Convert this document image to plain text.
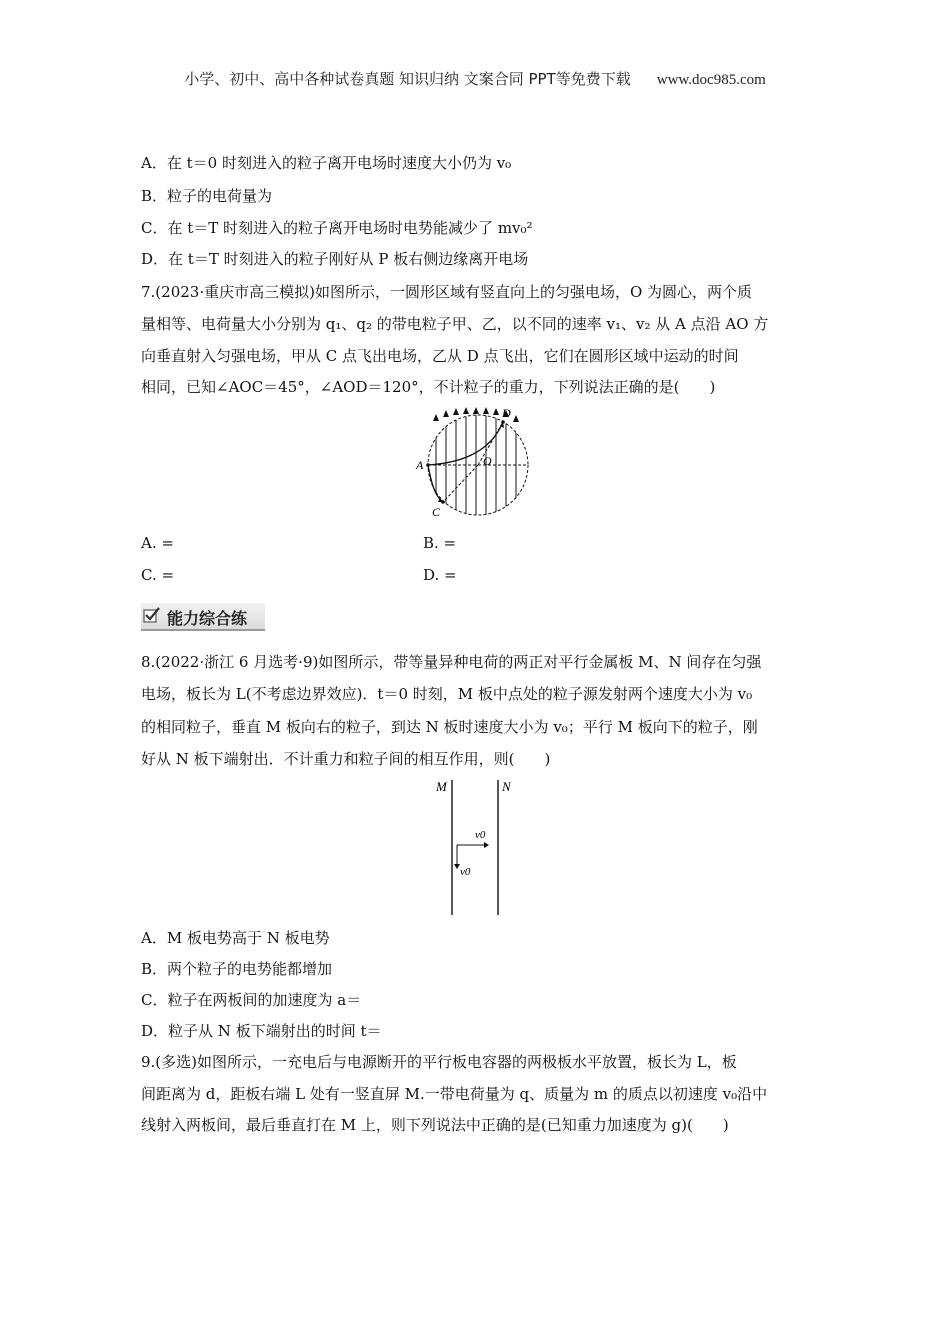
小学、初中、高中各种试卷真题 知识归纳 文案合同 PPT等免费下载 www.doc985.com
A．在 t＝0 时刻进入的粒子离开电场时速度大小仍为 v₀
B．粒子的电荷量为
C．在 t＝T 时刻进入的粒子离开电场时电势能减少了 mv₀²
D．在 t＝T 时刻进入的粒子刚好从 P 板右侧边缘离开电场
7.(2023·重庆市高三模拟)如图所示，一圆形区域有竖直向上的匀强电场，O 为圆心，两个质
量相等、电荷量大小分别为 q₁、q₂ 的带电粒子甲、乙，以不同的速率 v₁、v₂ 从 A 点沿 AO 方
向垂直射入匀强电场，甲从 C 点飞出电场，乙从 D 点飞出，它们在圆形区域中运动的时间
相同，已知∠AOC＝45°，∠AOD＝120°，不计粒子的重力，下列说法正确的是(　　)
A	O
C
D
A. =	B. =
C. =	D. =
能力综合练
8.(2022·浙江 6 月选考·9)如图所示，带等量异种电荷的两正对平行金属板 M、N 间存在匀强
电场，板长为 L(不考虑边界效应)．t＝0 时刻，M 板中点处的粒子源发射两个速度大小为 v₀
的相同粒子，垂直 M 板向右的粒子，到达 N 板时速度大小为 v₀；平行 M 板向下的粒子，刚
好从 N 板下端射出．不计重力和粒子间的相互作用，则(　　)
M	N
v0
v0
A．M 板电势高于 N 板电势
B．两个粒子的电势能都增加
C．粒子在两板间的加速度为 a＝
D．粒子从 N 板下端射出的时间 t＝
9.(多选)如图所示，一充电后与电源断开的平行板电容器的两极板水平放置，板长为 L，板
间距离为 d，距板右端 L 处有一竖直屏 M.一带电荷量为 q、质量为 m 的质点以初速度 v₀沿中
线射入两板间，最后垂直打在 M 上，则下列说法中正确的是(已知重力加速度为 g)(　　)
